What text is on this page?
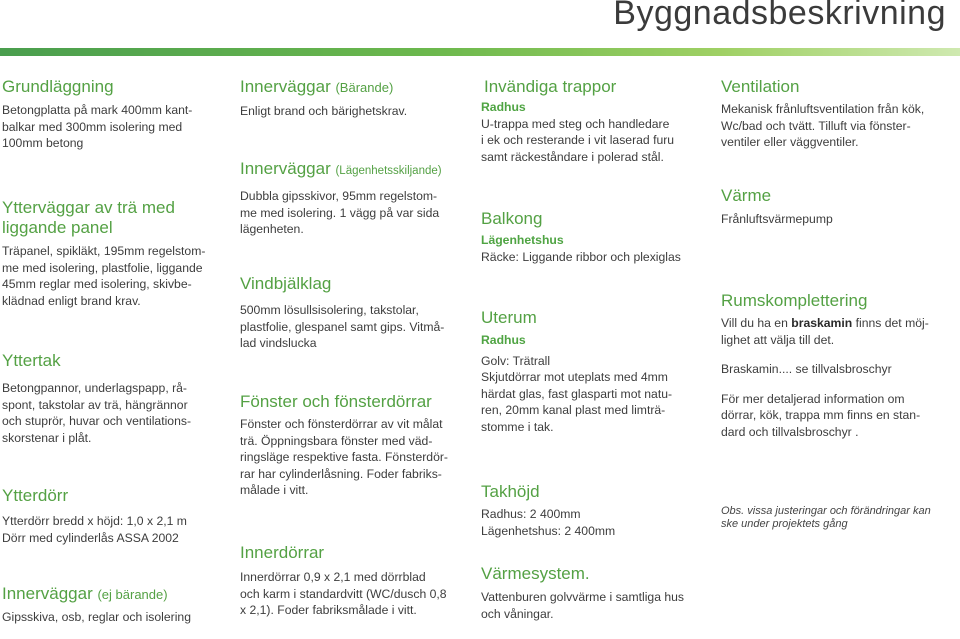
Byggnadsbeskrivning
Grundläggning

Betongplatta på mark 400mm kant-

balkar med 300mm isolering med

100mm betong

Ytterväggar av trä med liggande panel

Träpanel, spikläkt, 195mm regelstom-

me med isolering, plastfolie, liggande

45mm reglar med isolering, skivbe-

klädnad enligt brand krav.

Yttertak

Betongpannor, underlagspapp, rå-

spont, takstolar av trä, hängrännor

och stuprör, huvar och ventilations-

skorstenar i plåt.

Ytterdörr

Ytterdörr bredd x höjd: 1,0 x 2,1 m

Dörr med cylinderlås ASSA 2002

Innerväggar (ej bärande)

Gipsskiva, osb, reglar och isolering

Innerväggar (Bärande)

Enligt brand och bärighetskrav.

Innerväggar (Lägenhetsskiljande)

Dubbla gipsskivor, 95mm regelstom-

me med isolering. 1 vägg på var sida

lägenheten.

Vindbjälklag

500mm lösullsisolering, takstolar,

plastfolie, glespanel samt gips. Vitmå-

lad vindslucka

Fönster och fönsterdörrar

Fönster och fönsterdörrar av vit målat

trä. Öppningsbara fönster med väd-

ringsläge respektive fasta. Fönsterdör-

rar har cylinderlåsning. Foder fabriks-

målade i vitt.

Innerdörrar

Innerdörrar 0,9 x 2,1 med dörrblad

och karm i standardvitt (WC/dusch 0,8

x 2,1). Foder fabriksmålade i vitt.

Invändiga trappor

Radhus

U-trappa med steg och handledare

i ek och resterande i vit laserad furu

samt räckeståndare i polerad stål.

Balkong

Lägenhetshus

Räcke: Liggande ribbor och plexiglas

Uterum

Radhus

Golv: Trätrall

Skjutdörrar mot uteplats med 4mm

härdat glas, fast glasparti mot natu-

ren, 20mm kanal plast med limträ-

stomme i tak.

Takhöjd

Radhus: 2 400mm

Lägenhetshus: 2 400mm

Värmesystem.

Vattenburen golvvärme i samtliga hus

och våningar.

Ventilation

Mekanisk frånluftsventilation från kök,

Wc/bad och tvätt. Tilluft via fönster-

ventiler eller väggventiler.

Värme

Frånluftsvärmepump

Rumskomplettering

Vill du ha en braskamin finns det möj-

lighet att välja till det.

Braskamin.... se tillvalsbroschyr

För mer detaljerad information om

dörrar, kök, trappa mm finns en stan-

dard och tillvalsbroschyr .

Obs. vissa justeringar och förändringar kan

ske under projektets gång
